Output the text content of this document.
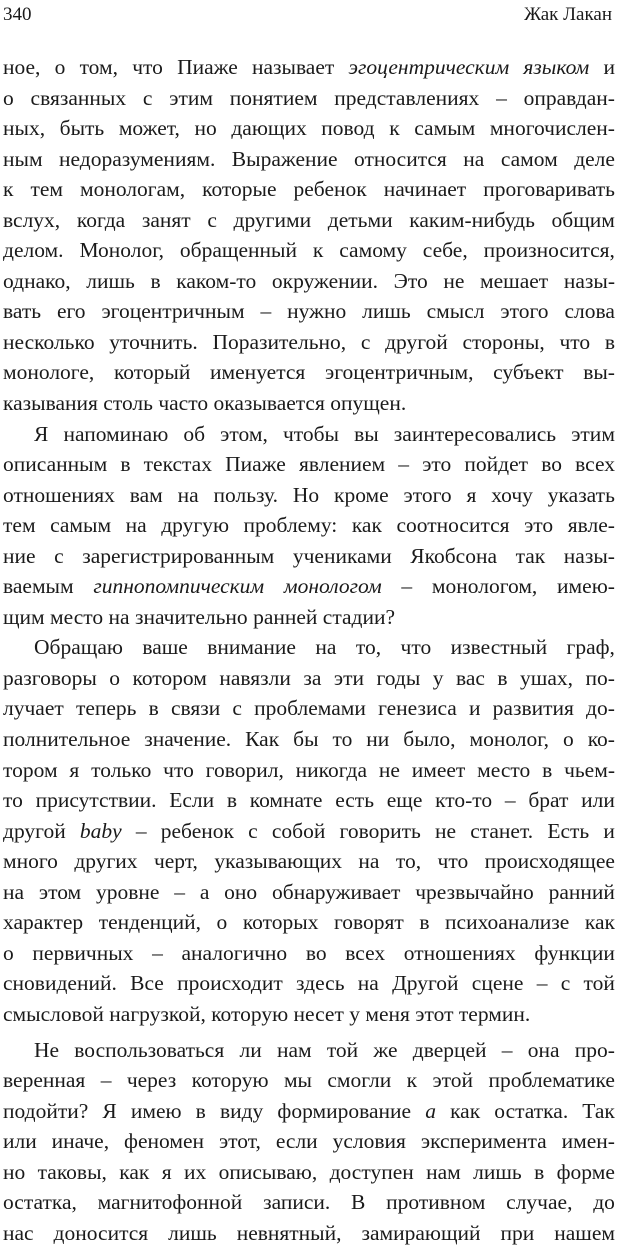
340	Жак Лакан
ное, о том, что Пиаже называет эгоцентрическим языком и
о связанных с этим понятием представлениях – оправдан-
ных, быть может, но дающих повод к самым многочислен-
ным недоразумениям. Выражение относится на самом деле
к тем монологам, которые ребенок начинает проговаривать
вслух, когда занят с другими детьми каким-нибудь общим
делом. Монолог, обращенный к самому себе, произносится,
однако, лишь в каком-то окружении. Это не мешает назы-
вать его эгоцентричным – нужно лишь смысл этого слова
несколько уточнить. Поразительно, с другой стороны, что в
монологе, который именуется эгоцентричным, субъект вы-
казывания
столь
часто
оказывается
опущен.
Я напоминаю об этом, чтобы вы заинтересовались этим
описанным в текстах Пиаже явлением – это пойдет во всех
отношениях вам на пользу. Но кроме этого я хочу указать
тем самым на другую проблему: как соотносится это явле-
ние с зарегистрированным учениками Якобсона так назы-
ваемым гипнопомпическим монологом – монологом, имею-
щим
место
на
значительно
ранней
стадии?
Обращаю ваше внимание на то, что известный граф,
разговоры о котором навязли за эти годы у вас в ушах, по-
лучает теперь в связи с проблемами генезиса и развития до-
полнительное значение. Как бы то ни было, монолог, о ко-
тором я только что говорил, никогда не имеет место в чьем-
то присутствии. Если в комнате есть еще кто-то – брат или
другой baby – ребенок с собой говорить не станет. Есть и
много других черт, указывающих на то, что происходящее
на этом уровне – а оно обнаруживает чрезвычайно ранний
характер тенденций, о которых говорят в психоанализе как
о первичных – аналогично во всех отношениях функции
сновидений. Все происходит здесь на Другой сцене – с той
смысловой
нагрузкой,
которую
несет
у
меня
этот
термин.
Не воспользоваться ли нам той же дверцей – она про-
веренная – через которую мы смогли к этой проблематике
подойти? Я имею в виду формирование а как остатка. Так
или иначе, феномен этот, если условия эксперимента имен-
но таковы, как я их описываю, доступен нам лишь в форме
остатка, магнитофонной записи. В противном случае, до
нас доносится лишь невнятный, замирающий при нашем
